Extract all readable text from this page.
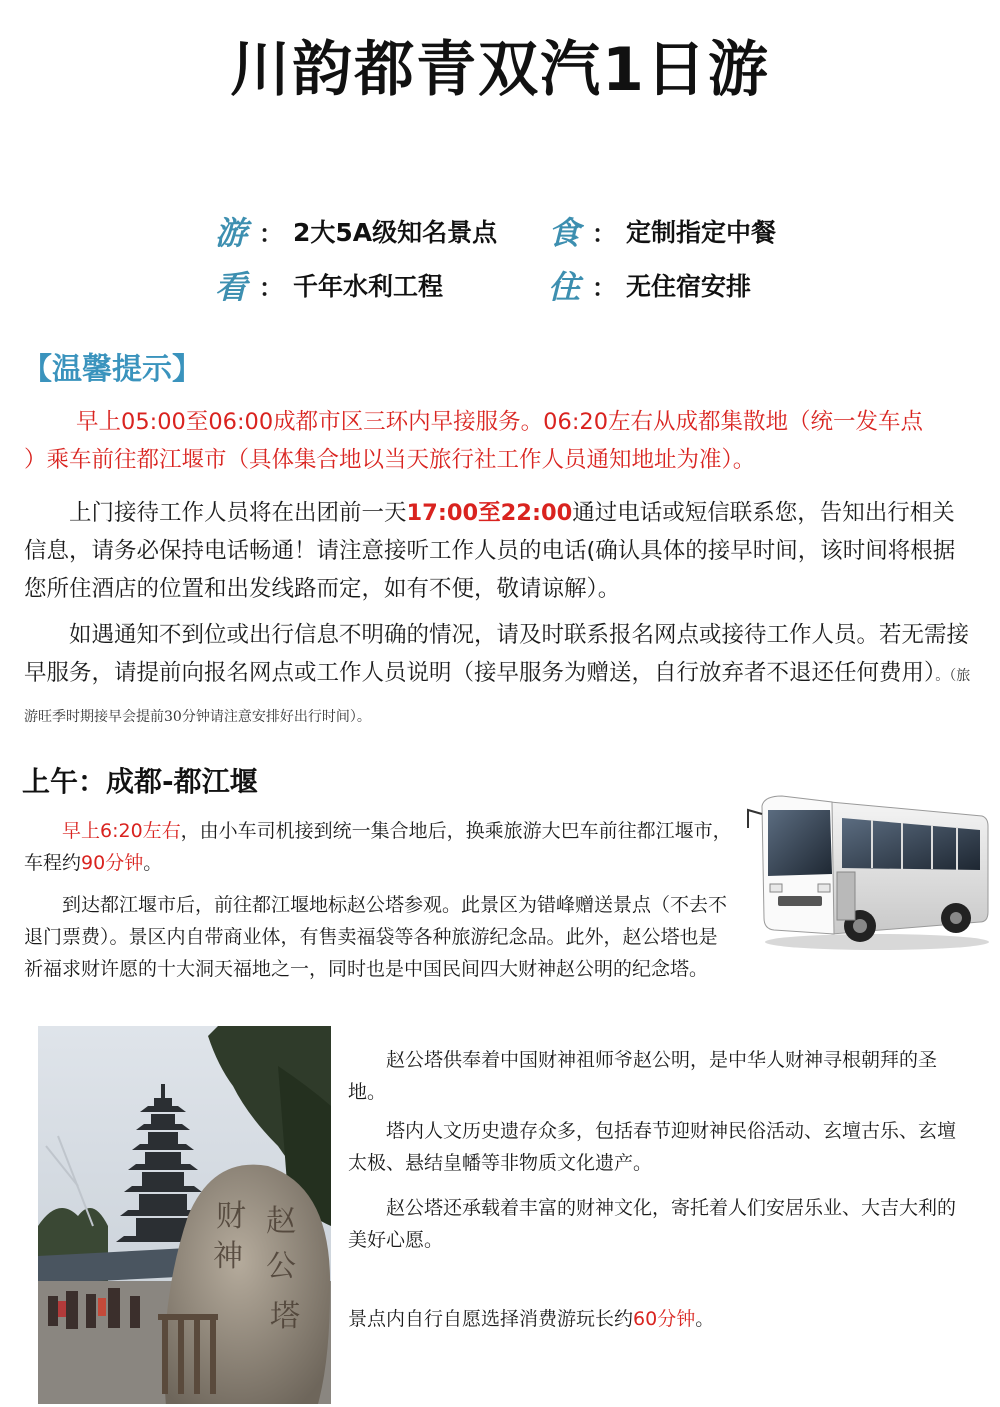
川韵都青双汽1日游
游 ： 2大5A级知名景点 食 ： 定制指定中餐
看 ： 千年水利工程	住 ： 无住宿安排
【温馨提示】
早上05:00至06:00成都市区三环内早接服务。06:20左右从成都集散地（统一发车点
）乘车前往都江堰市（具体集合地以当天旅行社工作人员通知地址为准）。

上门接待工作人员将在出团前一天17:00至22:00通过电话或短信联系您，告知出行相关信息，请务必保持电话畅通！请注意接听工作人员的电话(确认具体的接早时间，该时间将根据您所住酒店的位置和出发线路而定，如有不便，敬请谅解）。

如遇通知不到位或出行信息不明确的情况，请及时联系报名网点或接待工作人员。若无需接早服务，请提前向报名网点或工作人员说明（接早服务为赠送，自行放弃者不退还任何费用）。（旅游旺季时期接早会提前30分钟请注意安排好出行时间）。

上午：成都-都江堰

早上6:20左右，由小车司机接到统一集合地后，换乘旅游大巴车前往都江堰市，车程约90分钟。

到达都江堰市后，前往都江堰地标赵公塔参观。此景区为错峰赠送景点（不去不退门票费）。景区内自带商业体，有售卖福袋等各种旅游纪念品。此外，赵公塔也是祈福求财许愿的十大洞天福地之一，同时也是中国民间四大财神赵公明的纪念塔。

财
神
赵
公
塔

赵公塔供奉着中国财神祖师爷赵公明，是中华人财神寻根朝拜的圣地。

塔内人文历史遗存众多，包括春节迎财神民俗活动、玄壇古乐、玄壇太极、悬结皇幡等非物质文化遗产。

赵公塔还承载着丰富的财神文化，寄托着人们安居乐业、大吉大利的美好心愿。

景点内自行自愿选择消费游玩长约60分钟。
